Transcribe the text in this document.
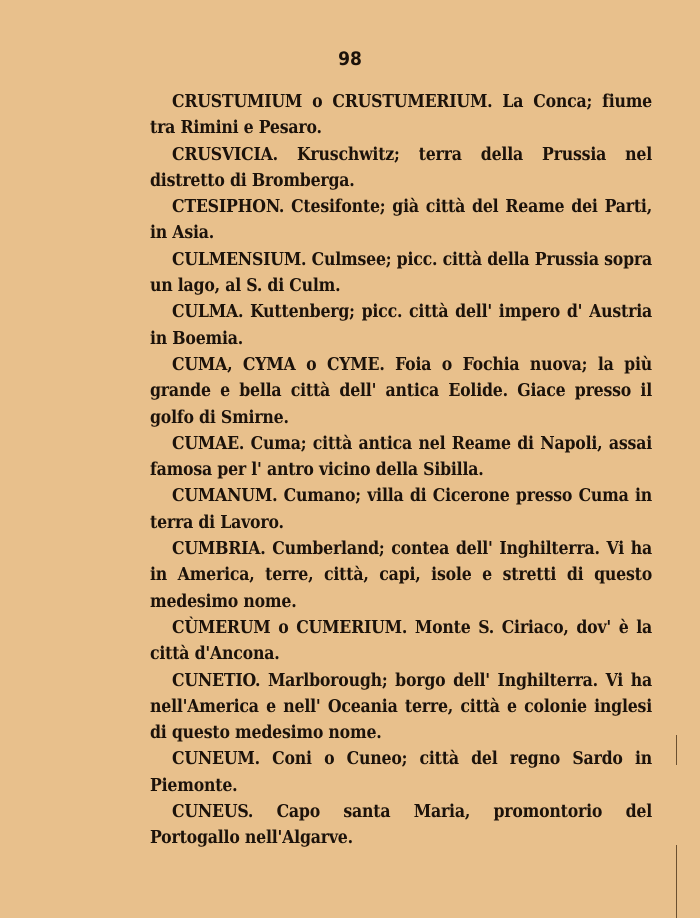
98

CRUSTUMIUM o CRUSTUMERIUM. La Conca; fiume tra Rimini e Pesaro.

CRUSVICIA. Kruschwitz; terra della Prussia nel distretto di Bromberga.

CTESIPHON. Ctesifonte; già città del Reame dei Parti, in Asia.

CULMENSIUM. Culmsee; picc. città della Prussia sopra un lago, al S. di Culm.

CULMA. Kuttenberg; picc. città dell' impero d' Austria in Boemia.

CUMA, CYMA o CYME. Foia o Fochia nuova; la più grande e bella città dell' antica Eolide. Giace presso il golfo di Smirne.

CUMAE. Cuma; città antica nel Reame di Napoli, assai famosa per l' antro vicino della Sibilla.

CUMANUM. Cumano; villa di Cicerone presso Cuma in terra di Lavoro.

CUMBRIA. Cumberland; contea dell' Inghilterra. Vi ha in America, terre, città, capi, isole e stretti di questo medesimo nome.

CÙMERUM o CUMERIUM. Monte S. Ciriaco, dov' è la città d'Ancona.

CUNETIO. Marlborough; borgo dell' Inghilterra. Vi ha nell'America e nell' Oceania terre, città e colonie inglesi di questo medesimo nome.

CUNEUM. Coni o Cuneo; città del regno Sardo in Piemonte.

CUNEUS. Capo santa Maria, promontorio del Portogallo nell'Algarve.
